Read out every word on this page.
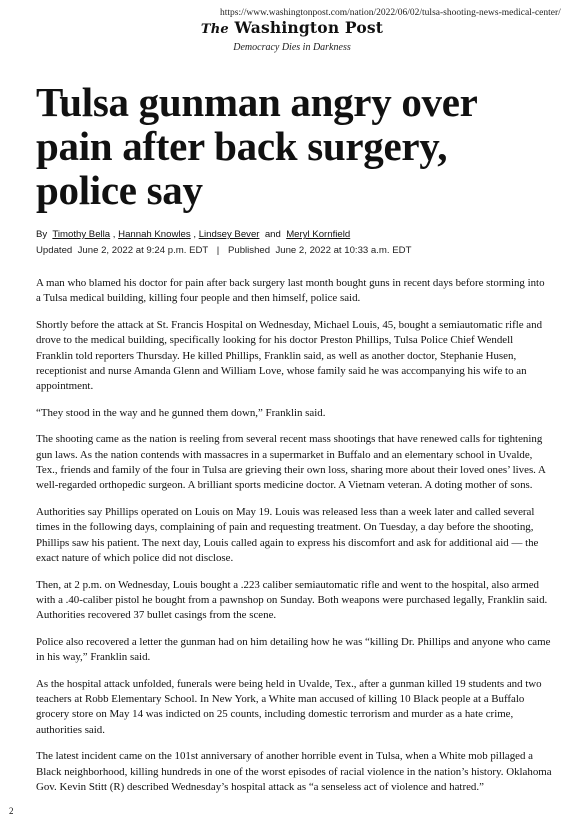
https://www.washingtonpost.com/nation/2022/06/02/tulsa-shooting-news-medical-center/
The Washington Post
Democracy Dies in Darkness
Tulsa gunman angry over pain after back surgery, police say
By Timothy Bella , Hannah Knowles , Lindsey Bever and Meryl Kornfield
Updated June 2, 2022 at 9:24 p.m. EDT | Published June 2, 2022 at 10:33 a.m. EDT

A man who blamed his doctor for pain after back surgery last month bought guns in recent days before storming into a Tulsa medical building, killing four people and then himself, police said.

Shortly before the attack at St. Francis Hospital on Wednesday, Michael Louis, 45, bought a semiautomatic rifle and drove to the medical building, specifically looking for his doctor Preston Phillips, Tulsa Police Chief Wendell Franklin told reporters Thursday. He killed Phillips, Franklin said, as well as another doctor, Stephanie Husen, receptionist and nurse Amanda Glenn and William Love, whose family said he was accompanying his wife to an appointment.

“They stood in the way and he gunned them down,” Franklin said.

The shooting came as the nation is reeling from several recent mass shootings that have renewed calls for tightening gun laws. As the nation contends with massacres in a supermarket in Buffalo and an elementary school in Uvalde, Tex., friends and family of the four in Tulsa are grieving their own loss, sharing more about their loved ones’ lives. A well-regarded orthopedic surgeon. A brilliant sports medicine doctor. A Vietnam veteran. A doting mother of sons.

Authorities say Phillips operated on Louis on May 19. Louis was released less than a week later and called several times in the following days, complaining of pain and requesting treatment. On Tuesday, a day before the shooting, Phillips saw his patient. The next day, Louis called again to express his discomfort and ask for additional aid — the exact nature of which police did not disclose.

Then, at 2 p.m. on Wednesday, Louis bought a .223 caliber semiautomatic rifle and went to the hospital, also armed with a .40-caliber pistol he bought from a pawnshop on Sunday. Both weapons were purchased legally, Franklin said. Authorities recovered 37 bullet casings from the scene.

Police also recovered a letter the gunman had on him detailing how he was “killing Dr. Phillips and anyone who came in his way,” Franklin said.

As the hospital attack unfolded, funerals were being held in Uvalde, Tex., after a gunman killed 19 students and two teachers at Robb Elementary School. In New York, a White man accused of killing 10 Black people at a Buffalo grocery store on May 14 was indicted on 25 counts, including domestic terrorism and murder as a hate crime, authorities said.

The latest incident came on the 101st anniversary of another horrible event in Tulsa, when a White mob pillaged a Black neighborhood, killing hundreds in one of the worst episodes of racial violence in the nation’s history. Oklahoma Gov. Kevin Stitt (R) described Wednesday’s hospital attack as “a senseless act of violence and hatred.”

2
